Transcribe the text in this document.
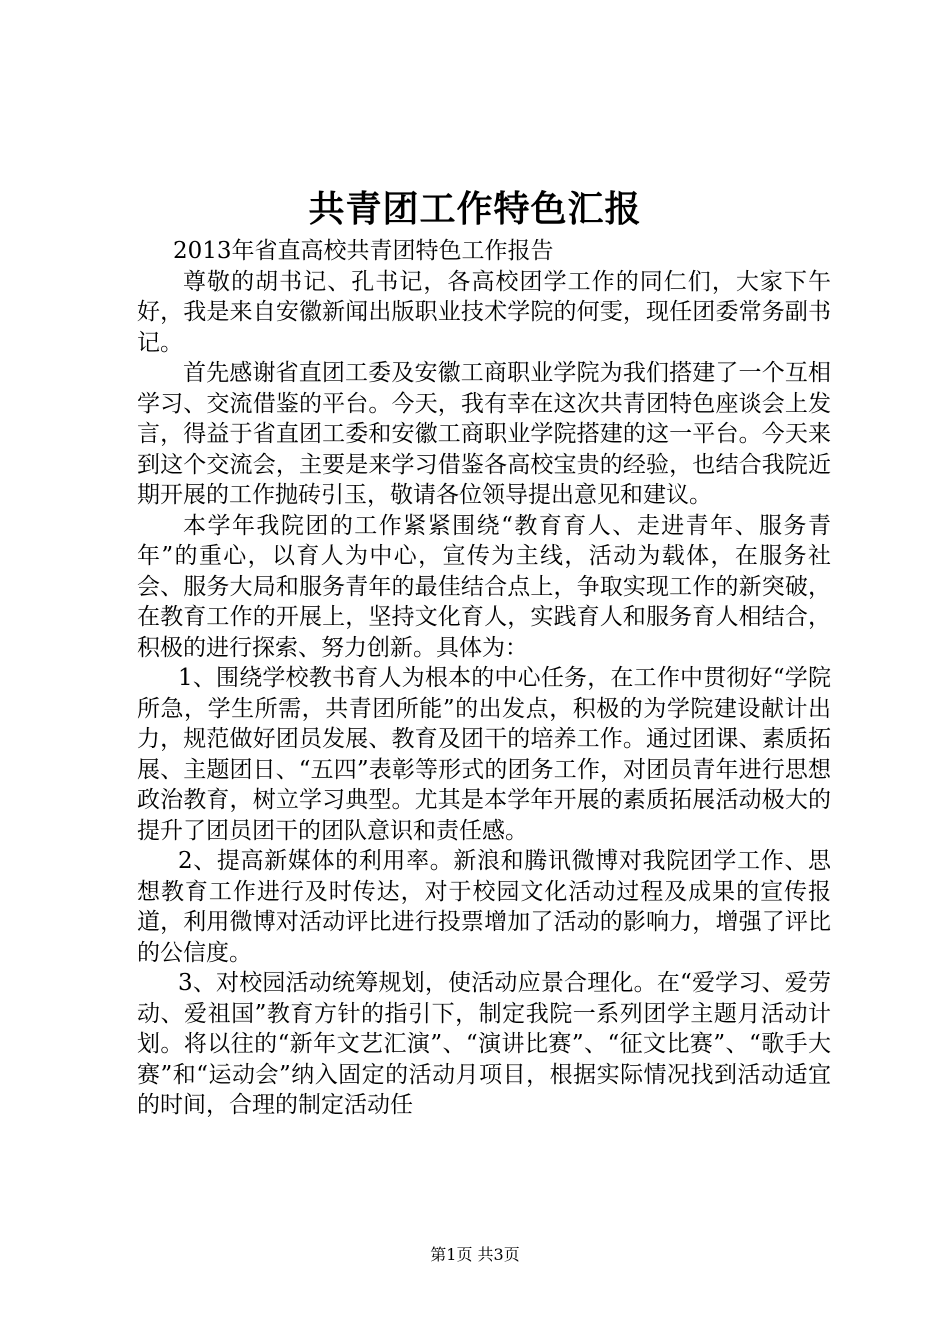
共青团工作特色汇报

2013年省直高校共青团特色工作报告

尊敬的胡书记、孔书记，各高校团学工作的同仁们，大家下午好，我是来自安徽新闻出版职业技术学院的何雯，现任团委常务副书记。

首先感谢省直团工委及安徽工商职业学院为我们搭建了一个互相学习、交流借鉴的平台。今天，我有幸在这次共青团特色座谈会上发言，得益于省直团工委和安徽工商职业学院搭建的这一平台。今天来到这个交流会，主要是来学习借鉴各高校宝贵的经验，也结合我院近期开展的工作抛砖引玉，敬请各位领导提出意见和建议。

本学年我院团的工作紧紧围绕“教育育人、走进青年、服务青年”的重心，以育人为中心，宣传为主线，活动为载体，在服务社会、服务大局和服务青年的最佳结合点上，争取实现工作的新突破，在教育工作的开展上，坚持文化育人，实践育人和服务育人相结合，积极的进行探索、努力创新。具体为：

1、围绕学校教书育人为根本的中心任务，在工作中贯彻好“学院所急，学生所需，共青团所能”的出发点，积极的为学院建设献计出力，规范做好团员发展、教育及团干的培养工作。通过团课、素质拓展、主题团日、“五四”表彰等形式的团务工作，对团员青年进行思想政治教育，树立学习典型。尤其是本学年开展的素质拓展活动极大的提升了团员团干的团队意识和责任感。

2、提高新媒体的利用率。新浪和腾讯微博对我院团学工作、思想教育工作进行及时传达，对于校园文化活动过程及成果的宣传报道，利用微博对活动评比进行投票增加了活动的影响力，增强了评比的公信度。

3、对校园活动统筹规划，使活动应景合理化。在“爱学习、爱劳动、爱祖国”教育方针的指引下，制定我院一系列团学主题月活动计划。将以往的“新年文艺汇演”、“演讲比赛”、“征文比赛”、“歌手大赛”和“运动会”纳入固定的活动月项目，根据实际情况找到活动适宜的时间，合理的制定活动任

第1页 共3页
